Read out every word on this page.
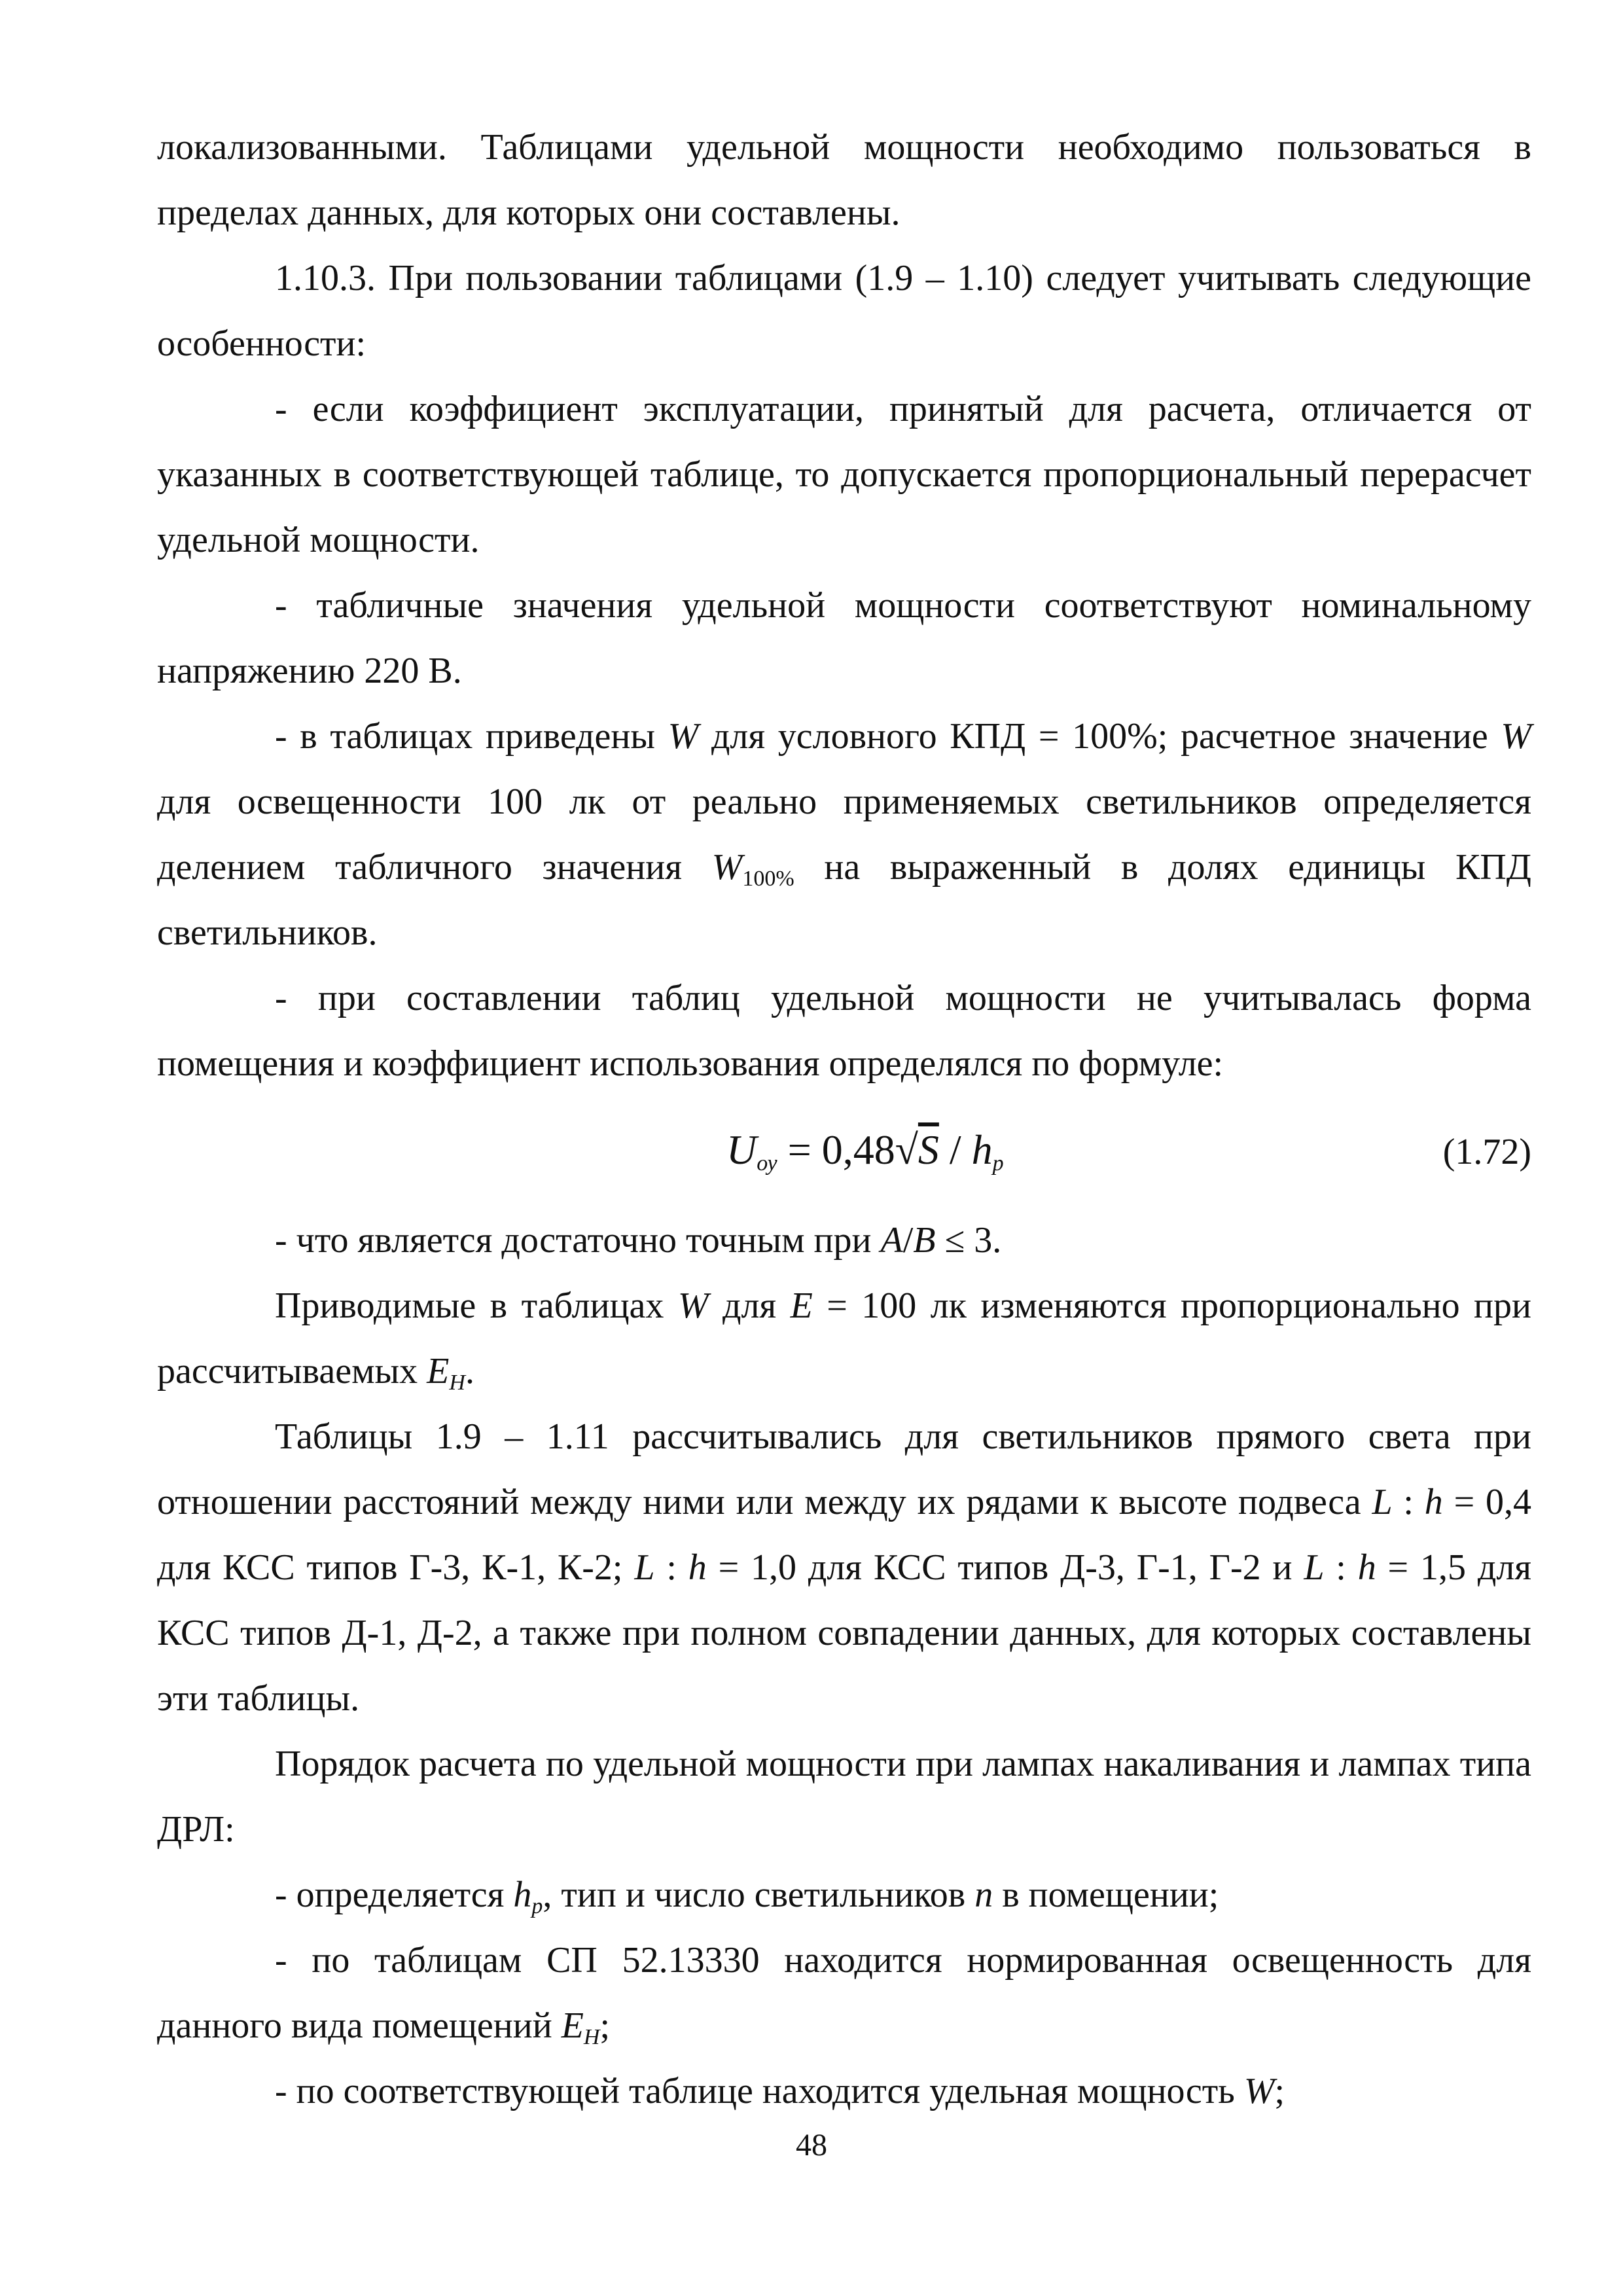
локализованными. Таблицами удельной мощности необходимо пользоваться в пределах данных, для которых они составлены.

1.10.3. При пользовании таблицами (1.9 – 1.10) следует учитывать следующие особенности:

- если коэффициент эксплуатации, принятый для расчета, отличается от указанных в соответствующей таблице, то допускается пропорциональный перерасчет удельной мощности.

- табличные значения удельной мощности соответствуют номинальному напряжению 220 В.

- в таблицах приведены W для условного КПД = 100%; расчетное значение W для освещенности 100 лк от реально применяемых светильников определяется делением табличного значения $W_{100\%}$ на выраженный в долях единицы КПД светильников.

- при составлении таблиц удельной мощности не учитывалась форма помещения и коэффициент использования определялся по формуле:

$U_{оу} = 0,48√S / h_p$	(1.72)

- что является достаточно точным при A/B ≤ 3.

Приводимые в таблицах W для E = 100 лк изменяются пропорционально при рассчитываемых $E_H$.

Таблицы 1.9 – 1.11 рассчитывались для светильников прямого света при отношении расстояний между ними или между их рядами к высоте подвеса L : h = 0,4 для КСС типов Г-3, К-1, К-2; L : h = 1,0 для КСС типов Д-3, Г-1, Г-2 и L : h = 1,5 для КСС типов Д-1, Д-2, а также при полном совпадении данных, для которых составлены эти таблицы.

Порядок расчета по удельной мощности при лампах накаливания и лампах типа ДРЛ:

- определяется $h_p$, тип и число светильников n в помещении;

- по таблицам СП 52.13330 находится нормированная освещенность для данного вида помещений $E_H$;

- по соответствующей таблице находится удельная мощность W;

48
